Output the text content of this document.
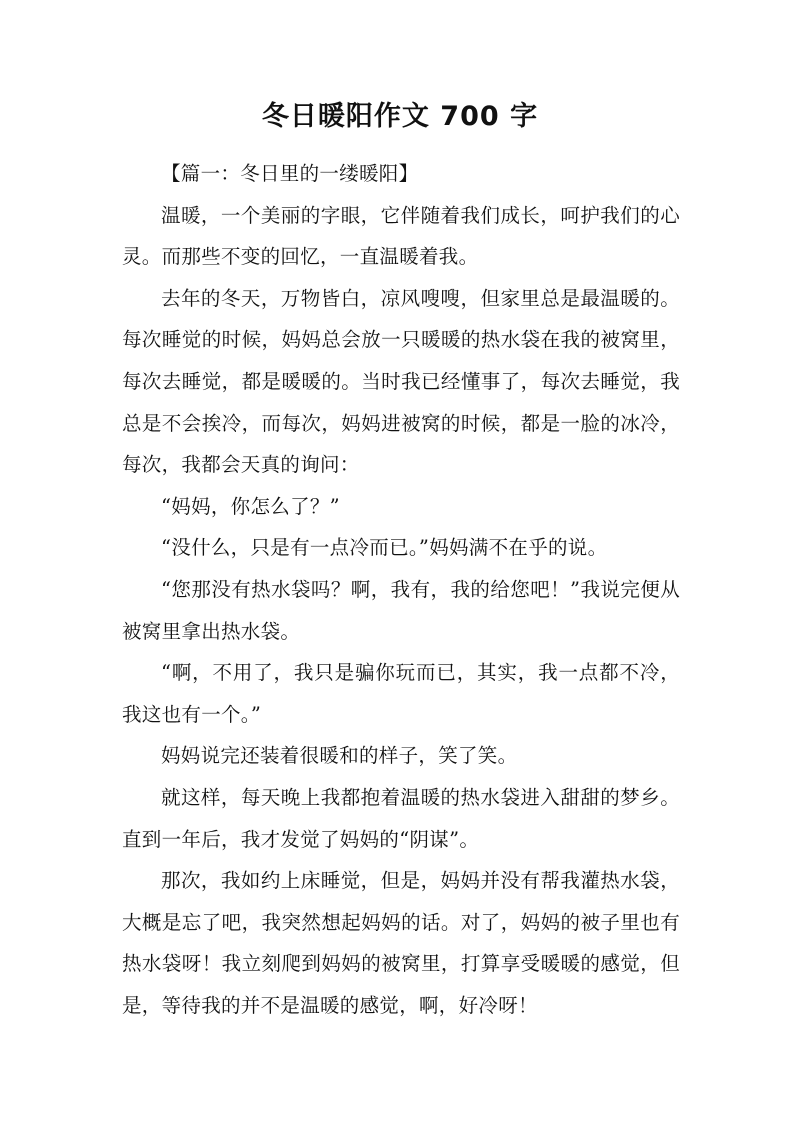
冬日暖阳作文 700 字

【篇一：冬日里的一缕暖阳】

温暖，一个美丽的字眼，它伴随着我们成长，呵护我们的心灵。而那些不变的回忆，一直温暖着我。

去年的冬天，万物皆白，凉风嗖嗖，但家里总是最温暖的。每次睡觉的时候，妈妈总会放一只暖暖的热水袋在我的被窝里，每次去睡觉，都是暖暖的。当时我已经懂事了，每次去睡觉，我总是不会挨冷，而每次，妈妈进被窝的时候，都是一脸的冰冷，每次，我都会天真的询问：

“妈妈，你怎么了？”

“没什么，只是有一点冷而已。”妈妈满不在乎的说。

“您那没有热水袋吗？啊，我有，我的给您吧！”我说完便从被窝里拿出热水袋。

“啊，不用了，我只是骗你玩而已，其实，我一点都不冷，我这也有一个。”

妈妈说完还装着很暖和的样子，笑了笑。

就这样，每天晚上我都抱着温暖的热水袋进入甜甜的梦乡。直到一年后，我才发觉了妈妈的“阴谋”。

那次，我如约上床睡觉，但是，妈妈并没有帮我灌热水袋，大概是忘了吧，我突然想起妈妈的话。对了，妈妈的被子里也有热水袋呀！我立刻爬到妈妈的被窝里，打算享受暖暖的感觉，但是，等待我的并不是温暖的感觉，啊，好冷呀！
